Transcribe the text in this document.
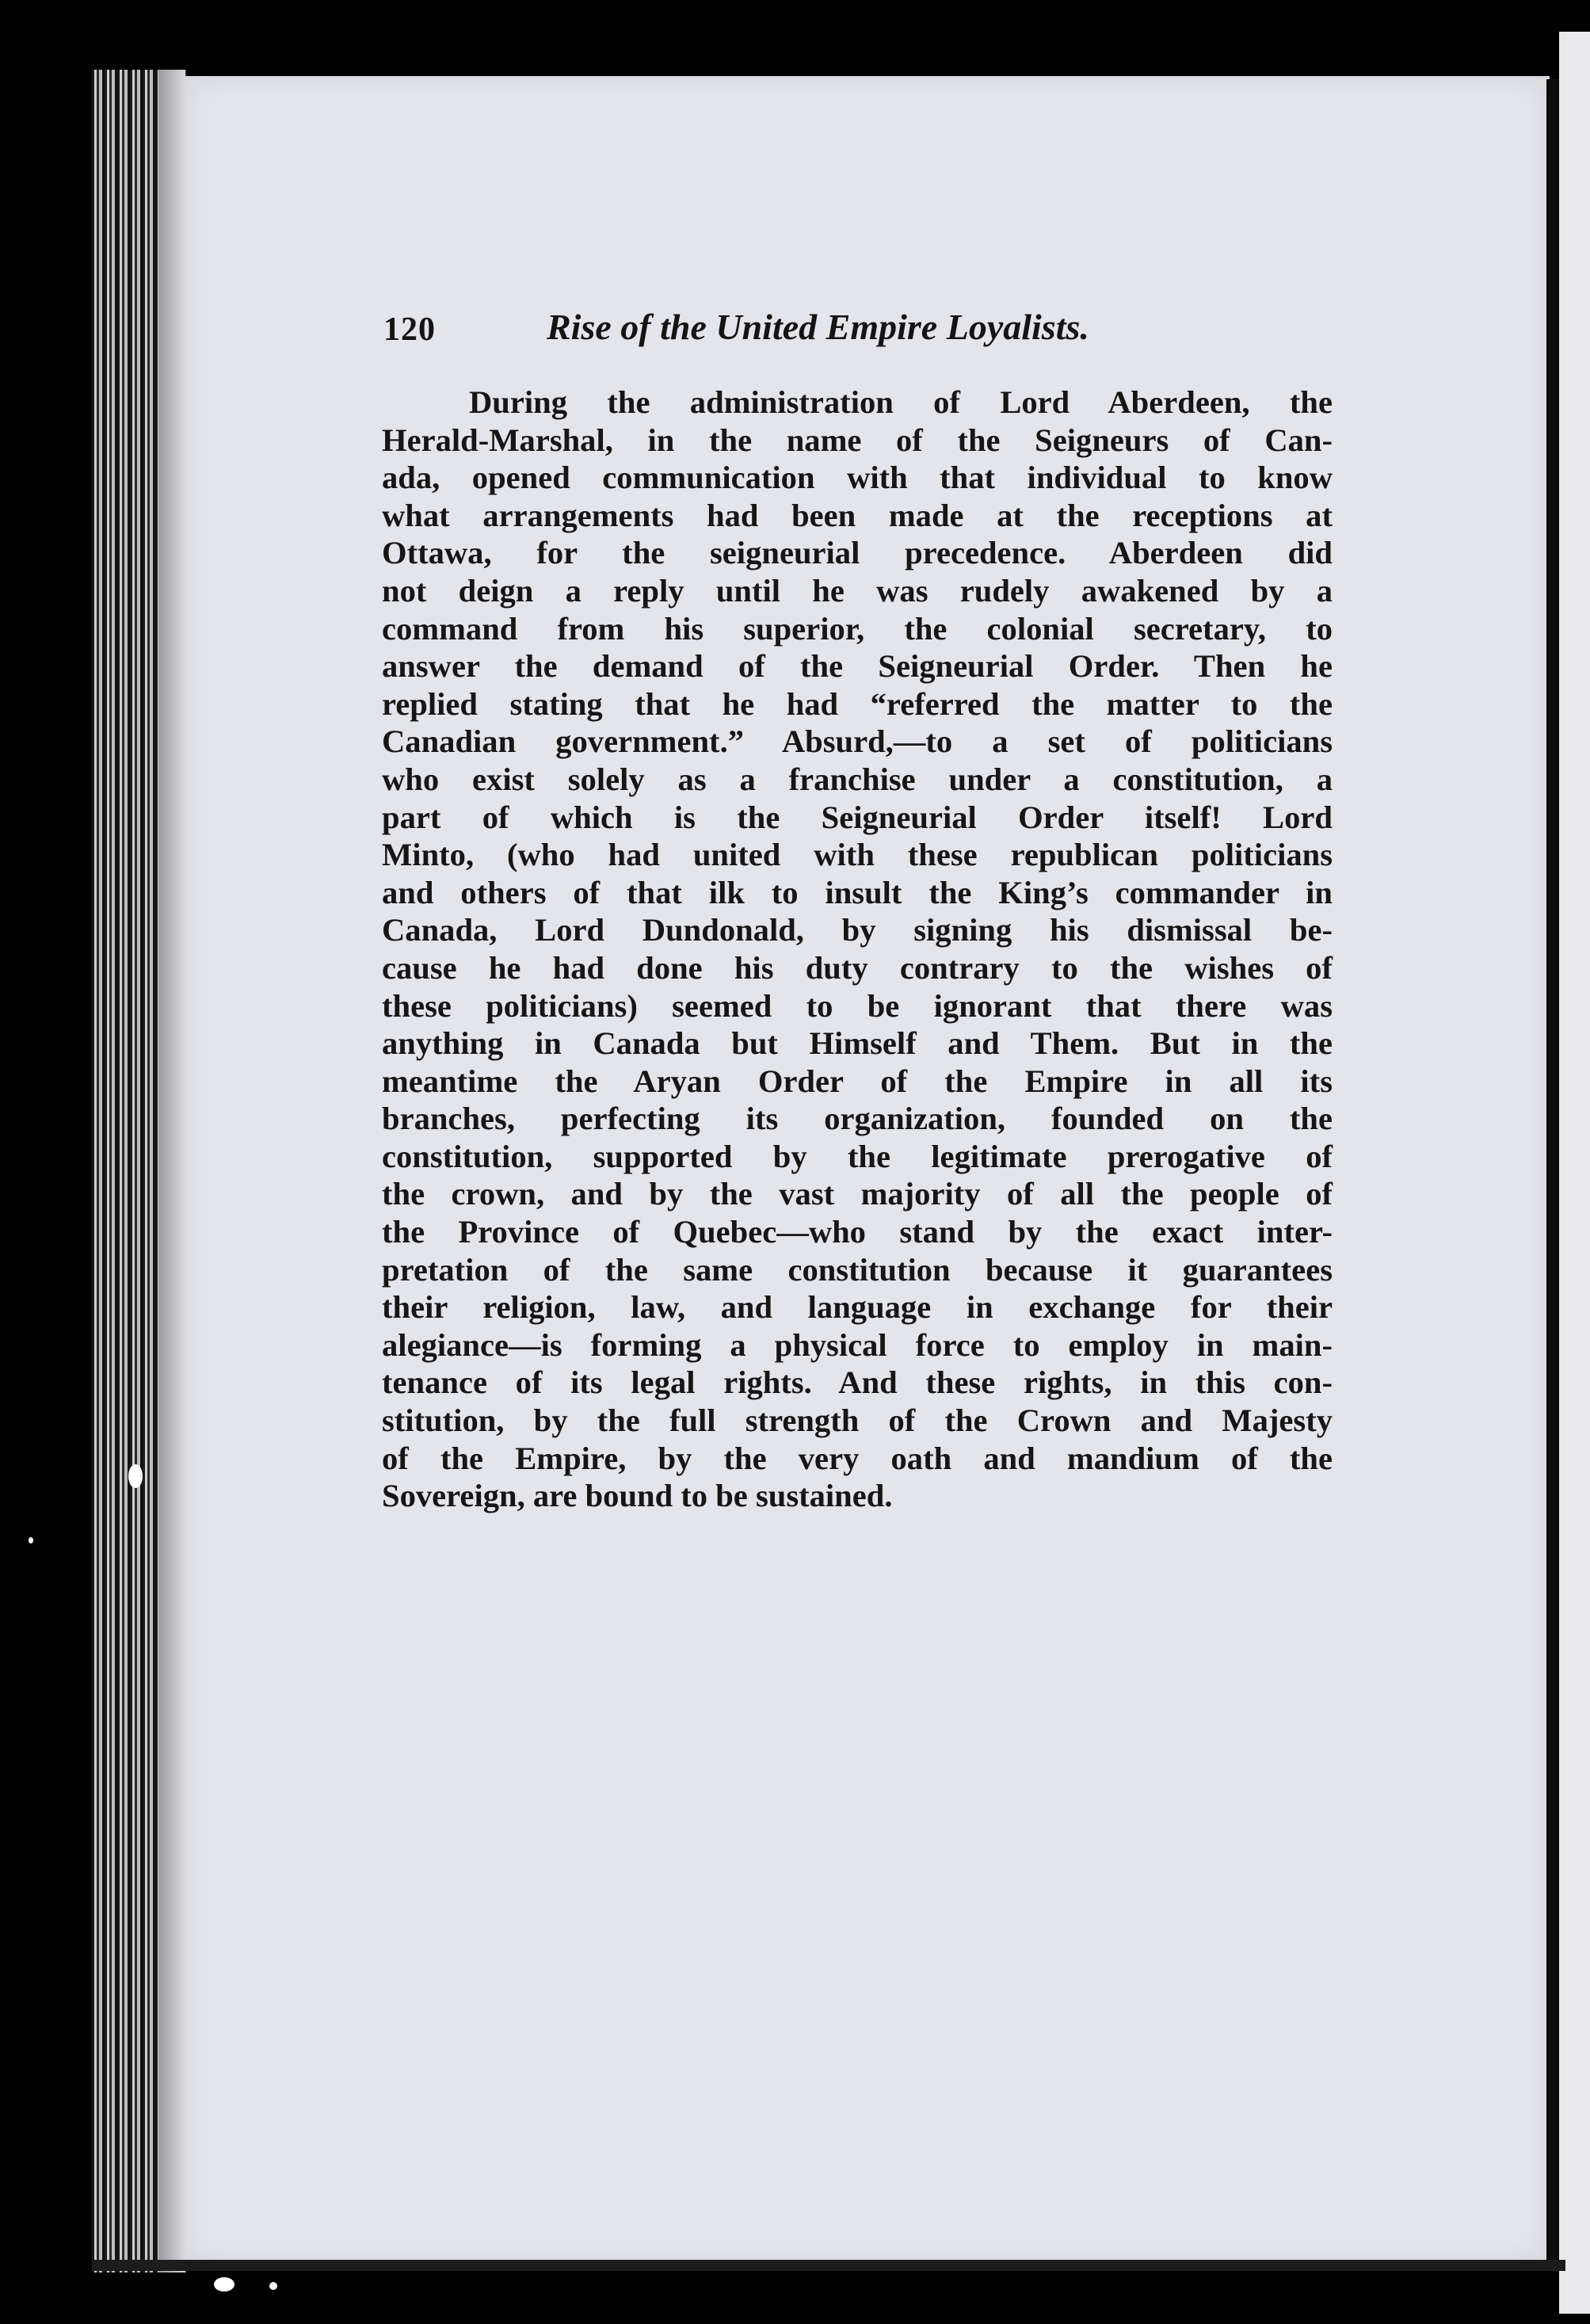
120	Rise of the United Empire Loyalists.
During the administration of Lord Aberdeen, the
Herald-Marshal, in the name of the Seigneurs of Can-
ada, opened communication with that individual to know
what arrangements had been made at the receptions at
Ottawa, for the seigneurial precedence. Aberdeen did
not deign a reply until he was rudely awakened by a
command from his superior, the colonial secretary, to
answer the demand of the Seigneurial Order. Then he
replied stating that he had “referred the matter to the
Canadian government.” Absurd,—to a set of politicians
who exist solely as a franchise under a constitution, a
part of which is the Seigneurial Order itself! Lord
Minto, (who had united with these republican politicians
and others of that ilk to insult the King’s commander in
Canada, Lord Dundonald, by signing his dismissal be-
cause he had done his duty contrary to the wishes of
these politicians) seemed to be ignorant that there was
anything in Canada but Himself and Them. But in the
meantime the Aryan Order of the Empire in all its
branches, perfecting its organization, founded on the
constitution, supported by the legitimate prerogative of
the crown, and by the vast majority of all the people of
the Province of Quebec—who stand by the exact inter-
pretation of the same constitution because it guarantees
their religion, law, and language in exchange for their
alegiance—is forming a physical force to employ in main-
tenance of its legal rights. And these rights, in this con-
stitution, by the full strength of the Crown and Majesty
of the Empire, by the very oath and mandium of the
Sovereign, are bound to be sustained.
